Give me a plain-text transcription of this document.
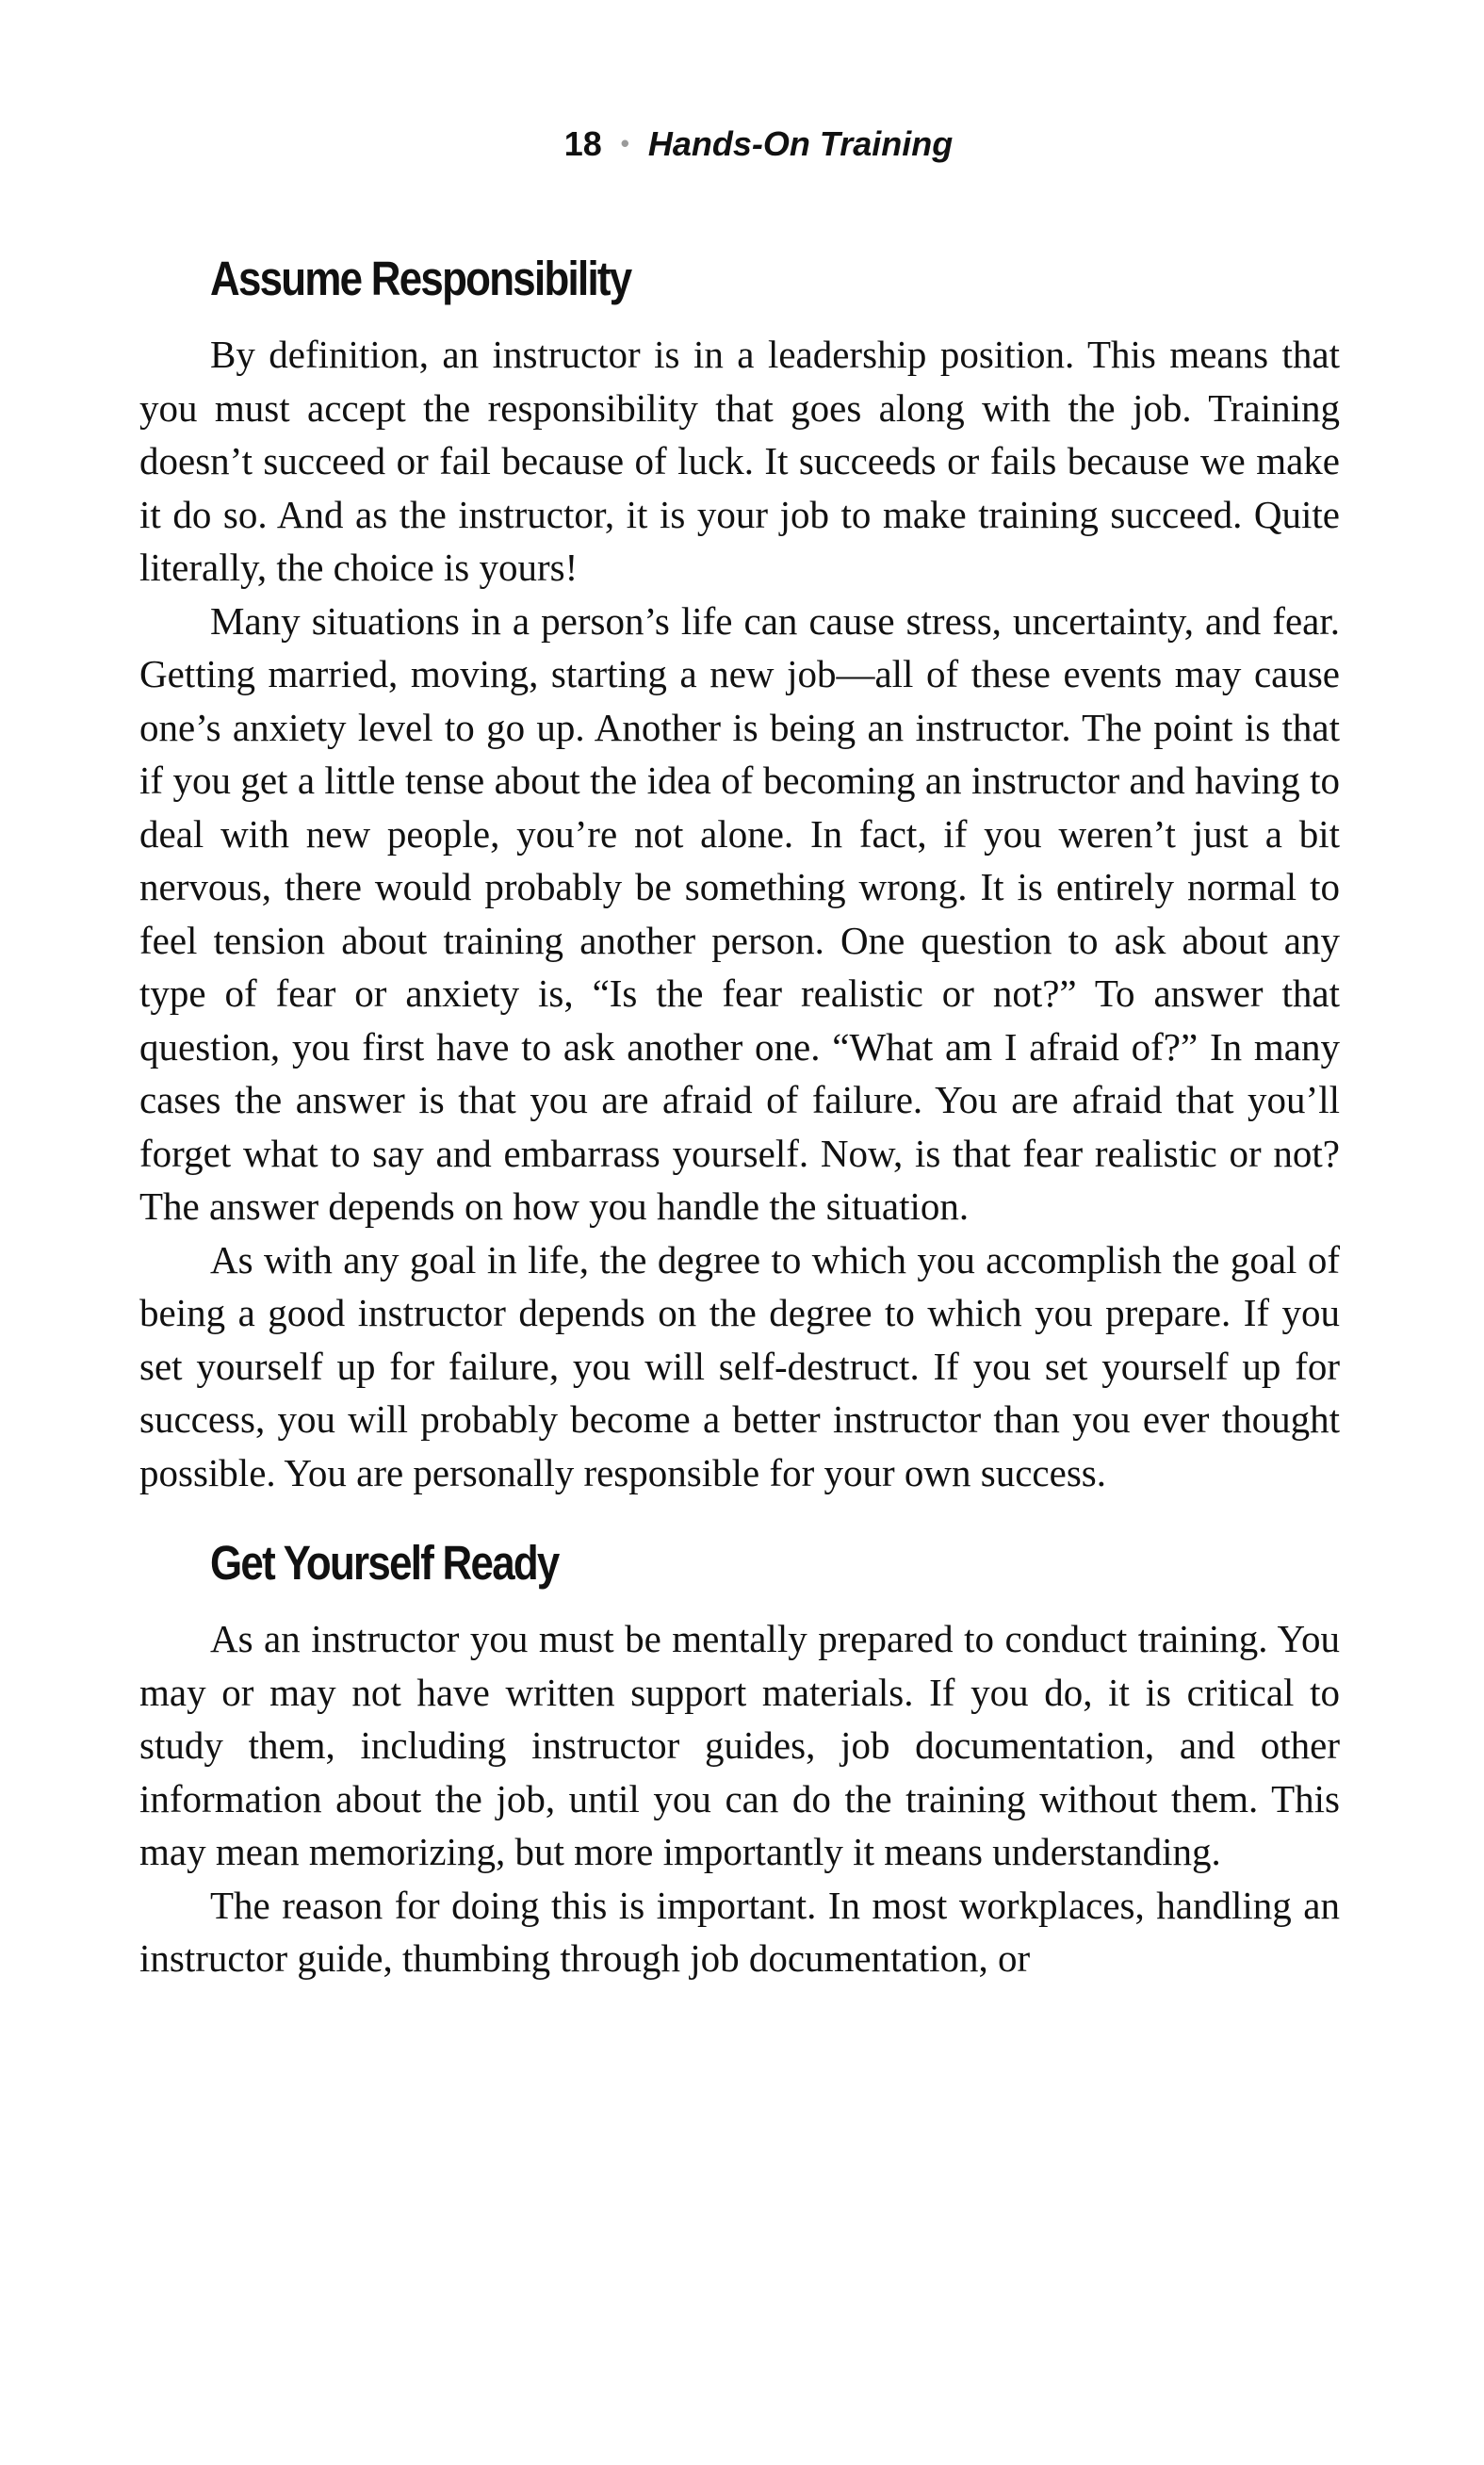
18 • Hands-On Training
Assume Responsibility

By definition, an instructor is in a leadership position. This means that you must accept the responsibility that goes along with the job. Training doesn’t succeed or fail because of luck. It succeeds or fails because we make it do so. And as the instructor, it is your job to make training succeed. Quite literally, the choice is yours!

Many situations in a person’s life can cause stress, uncertainty, and fear. Getting married, moving, starting a new job—all of these events may cause one’s anxiety level to go up. Another is being an instructor. The point is that if you get a little tense about the idea of becoming an instructor and having to deal with new people, you’re not alone. In fact, if you weren’t just a bit nervous, there would probably be something wrong. It is entirely normal to feel tension about training another person. One question to ask about any type of fear or anxiety is, “Is the fear realistic or not?” To answer that question, you first have to ask another one. “What am I afraid of?” In many cases the answer is that you are afraid of failure. You are afraid that you’ll forget what to say and embarrass yourself. Now, is that fear realistic or not? The answer depends on how you handle the situation.

As with any goal in life, the degree to which you accomplish the goal of being a good instructor depends on the degree to which you prepare. If you set yourself up for failure, you will self-destruct. If you set yourself up for success, you will probably become a better instructor than you ever thought possible. You are personally responsible for your own success.

Get Yourself Ready

As an instructor you must be mentally prepared to conduct training. You may or may not have written support materials. If you do, it is critical to study them, including instructor guides, job documentation, and other information about the job, until you can do the training without them. This may mean memorizing, but more importantly it means understanding.

The reason for doing this is important. In most workplaces, handling an instructor guide, thumbing through job documentation, or
